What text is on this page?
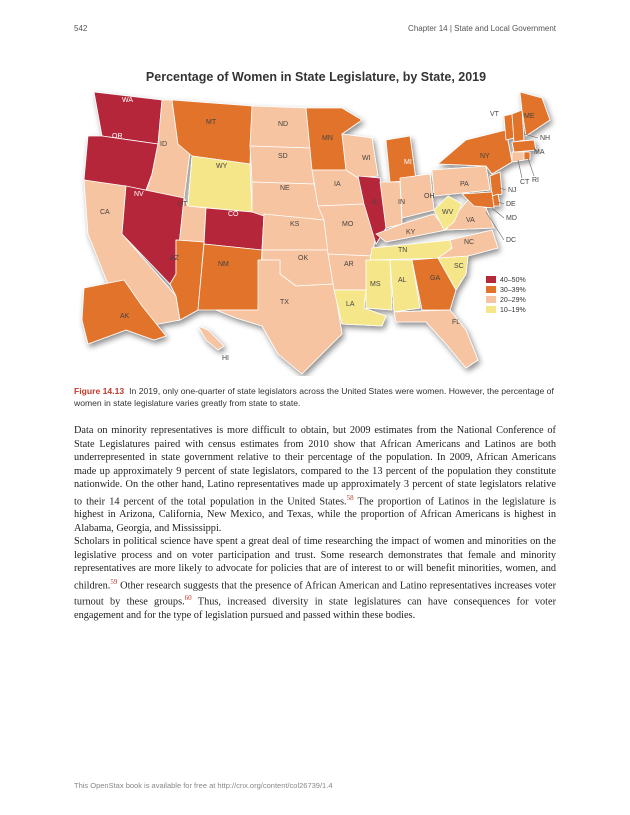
542	Chapter 14 | State and Local Government
40–50%
30–39%
20–29%
10–19%
WA
OR
CA
ID
NV
MT
WY
UT
CO
AZ
NM
ND
SD
NE
KS
OK
TX
MN
IA
MO
AR
LA
WI
IL
MI
IN
OH
KY
TN
MS
AL	GA
FL
SC
NC
VA
WV
PA
NY
VT	ME
NH
MA
RI
CT
NJ
DE
MD
DC
AK
HI
Percentage of Women in State Legislature, by State, 2019
Figure 14.13 In 2019, only one-quarter of state legislators across the United States were women. However, the percentage of women in state legislature varies greatly from state to state.

Data on minority representatives is more difficult to obtain, but 2009 estimates from the National Conference of State Legislatures paired with census estimates from 2010 show that African Americans and Latinos are both underrepresented in state government relative to their percentage of the population. In 2009, African Americans made up approximately 9 percent of state legislators, compared to the 13 percent of the population they constitute nationwide. On the other hand, Latino representatives made up approximately 3 percent of state legislators relative to their 14 percent of the total population in the United States.$^{58}$ The proportion of Latinos in the legislature is highest in Arizona, California, New Mexico, and Texas, while the proportion of African Americans is highest in Alabama, Georgia, and Mississippi.

Scholars in political science have spent a great deal of time researching the impact of women and minorities on the legislative process and on voter participation and trust. Some research demonstrates that female and minority representatives are more likely to advocate for policies that are of interest to or will benefit minorities, women, and children.$^{59}$ Other research suggests that the presence of African American and Latino representatives increases voter turnout by these groups.$^{60}$ Thus, increased diversity in state legislatures can have consequences for voter engagement and for the type of legislation pursued and passed within these bodies.

This OpenStax book is available for free at http://cnx.org/content/col26739/1.4
